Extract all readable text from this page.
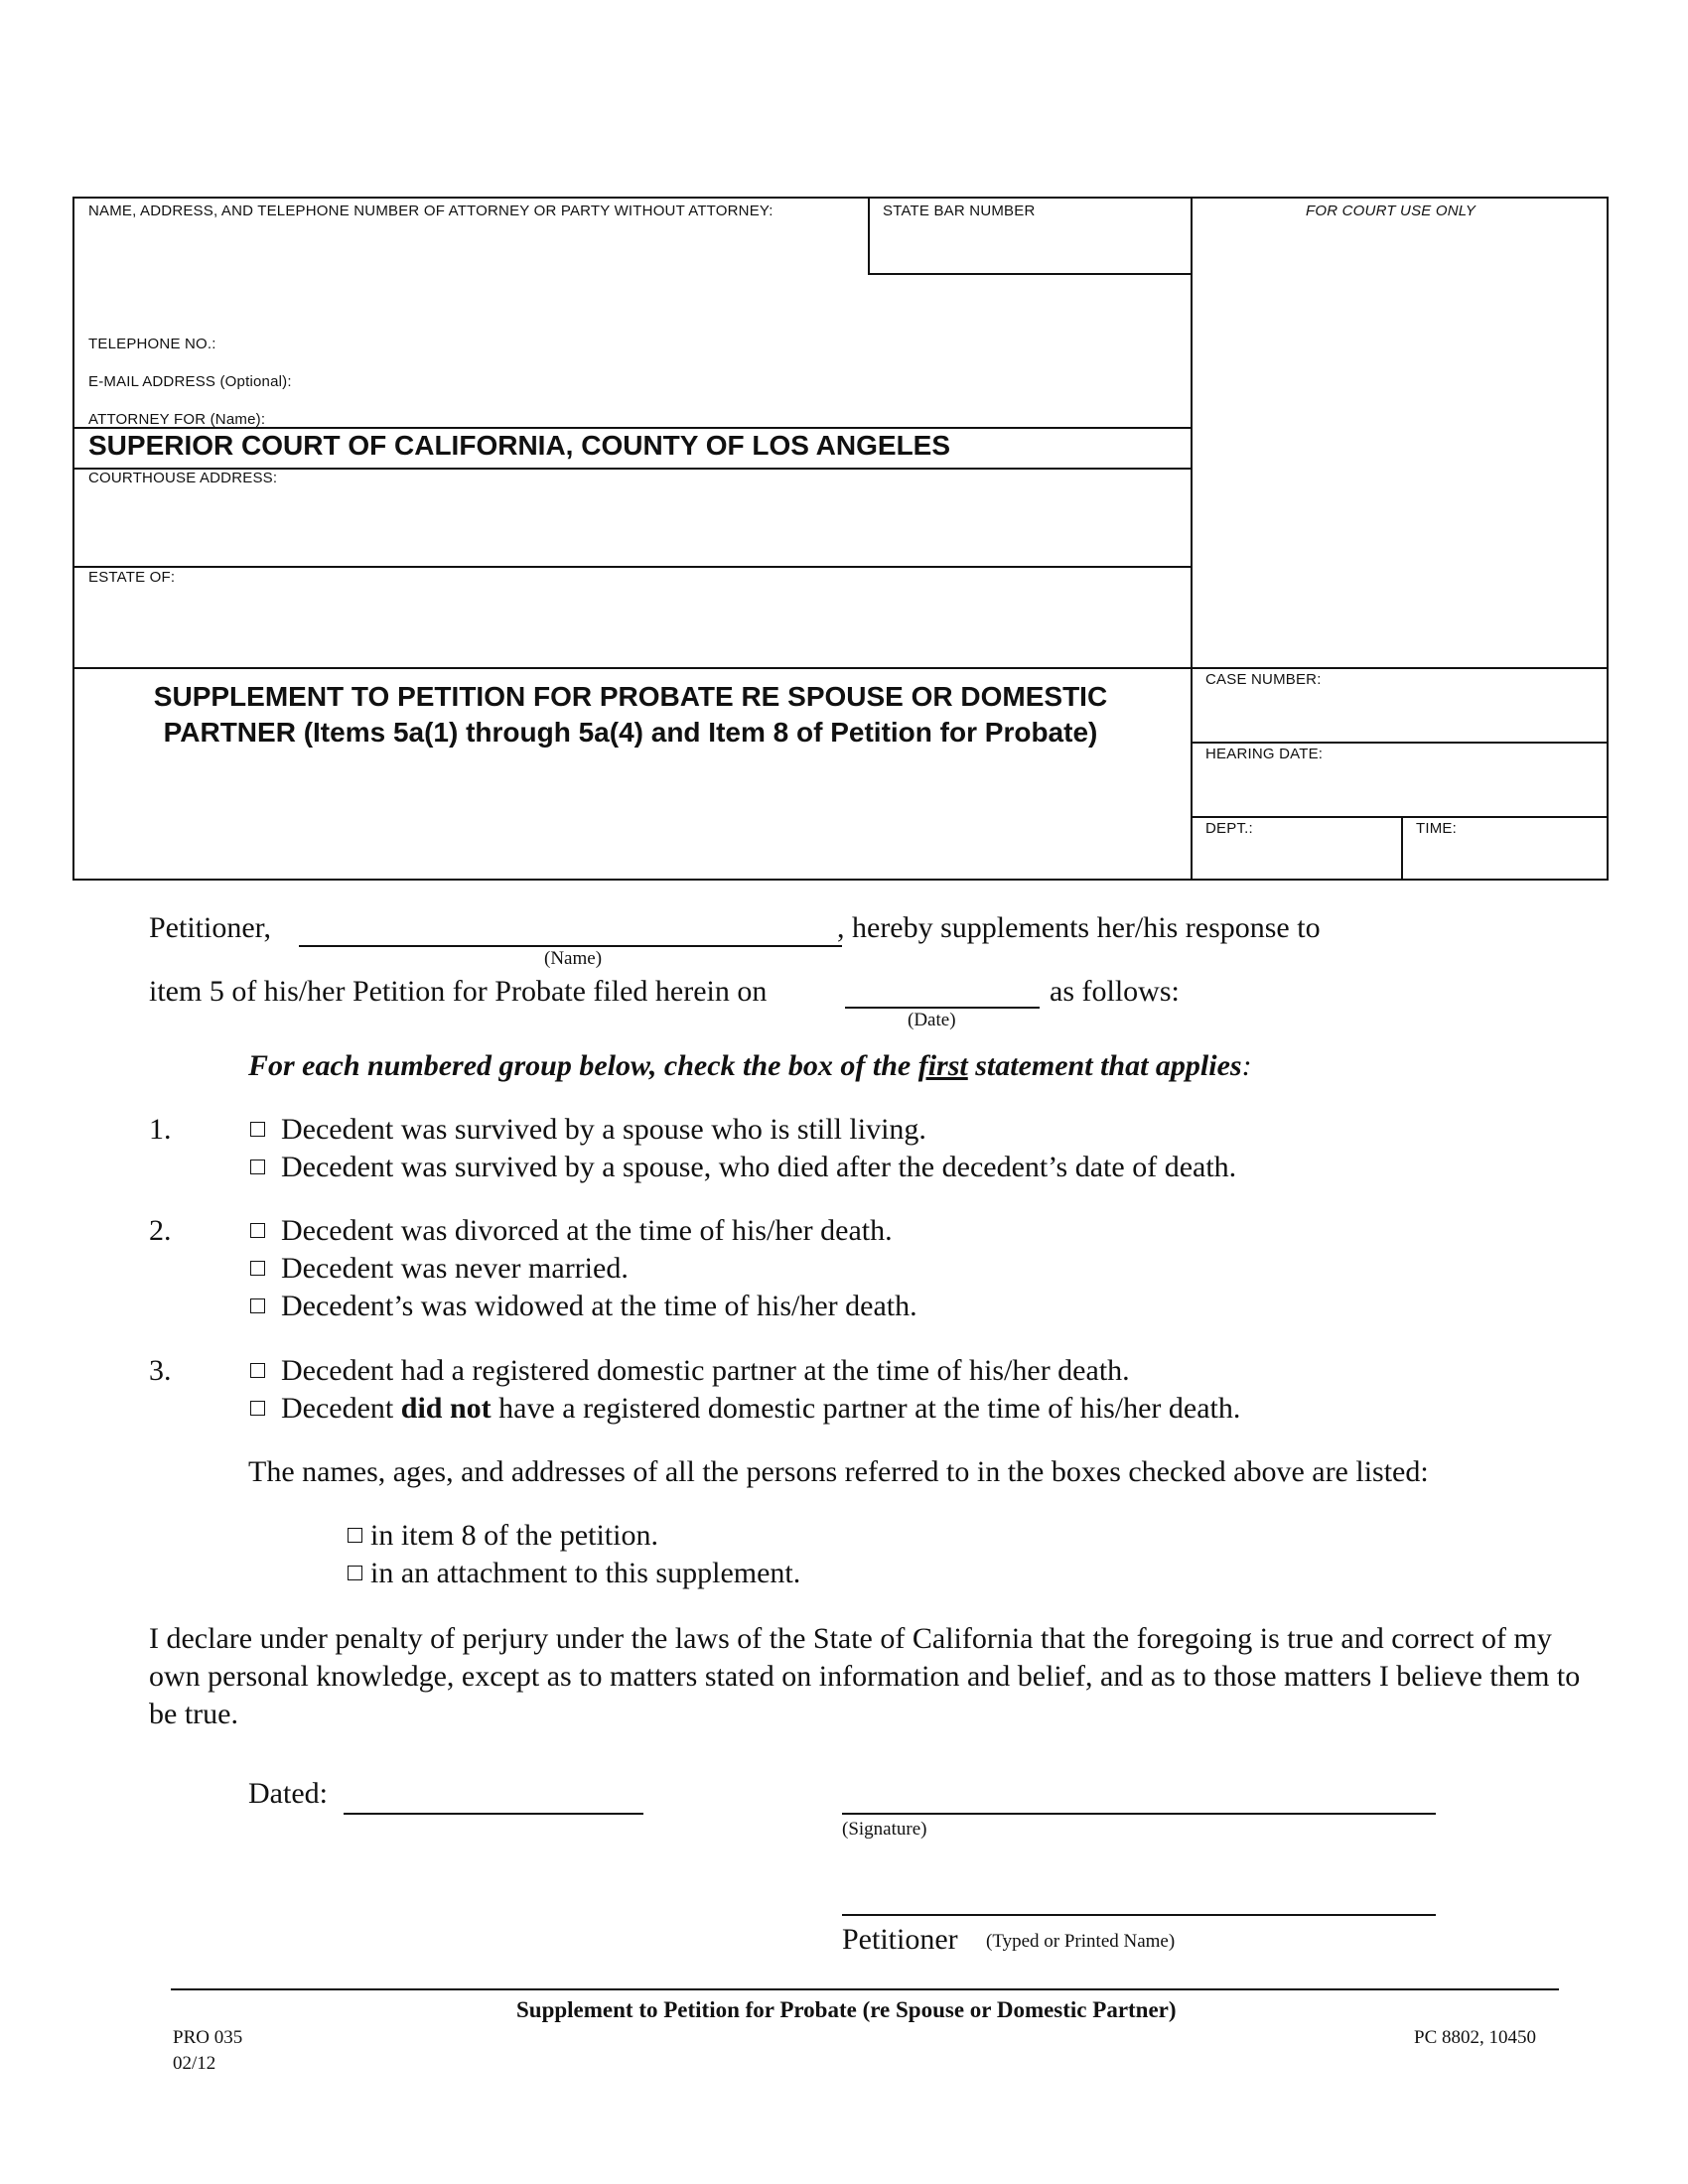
NAME, ADDRESS, AND TELEPHONE NUMBER OF ATTORNEY OR PARTY WITHOUT ATTORNEY:	STATE BAR NUMBER	FOR COURT USE ONLY
TELEPHONE NO.:
E-MAIL ADDRESS (Optional):
ATTORNEY FOR (Name):
SUPERIOR COURT OF CALIFORNIA, COUNTY OF LOS ANGELES
COURTHOUSE ADDRESS:
ESTATE OF:
SUPPLEMENT TO PETITION FOR PROBATE RE SPOUSE OR DOMESTIC
PARTNER (Items 5a(1) through 5a(4) and Item 8 of Petition for Probate)
CASE NUMBER:
HEARING DATE:
DEPT.:	TIME:
Petitioner,	, hereby supplements her/his response to
(Name)
item 5 of his/her Petition for Probate filed herein on	as follows:
(Date)
For each numbered group below, check the box of the first statement that applies:
1.	Decedent was survived by a spouse who is still living.
Decedent was survived by a spouse, who died after the decedent’s date of death.
2.	Decedent was divorced at the time of his/her death.
Decedent was never married.
Decedent’s was widowed at the time of his/her death.
3.	Decedent had a registered domestic partner at the time of his/her death.
Decedent did not have a registered domestic partner at the time of his/her death.
The names, ages, and addresses of all the persons referred to in the boxes checked above are listed:
in item 8 of the petition.
in an attachment to this supplement.
I declare under penalty of perjury under the laws of the State of California that the foregoing is true and correct of my own personal knowledge, except as to matters stated on information and belief, and as to those matters I believe them to be true.
Dated:
(Signature)
Petitioner (Typed or Printed Name)
Supplement to Petition for Probate (re Spouse or Domestic Partner)
PRO 035
02/12
PC 8802, 10450
